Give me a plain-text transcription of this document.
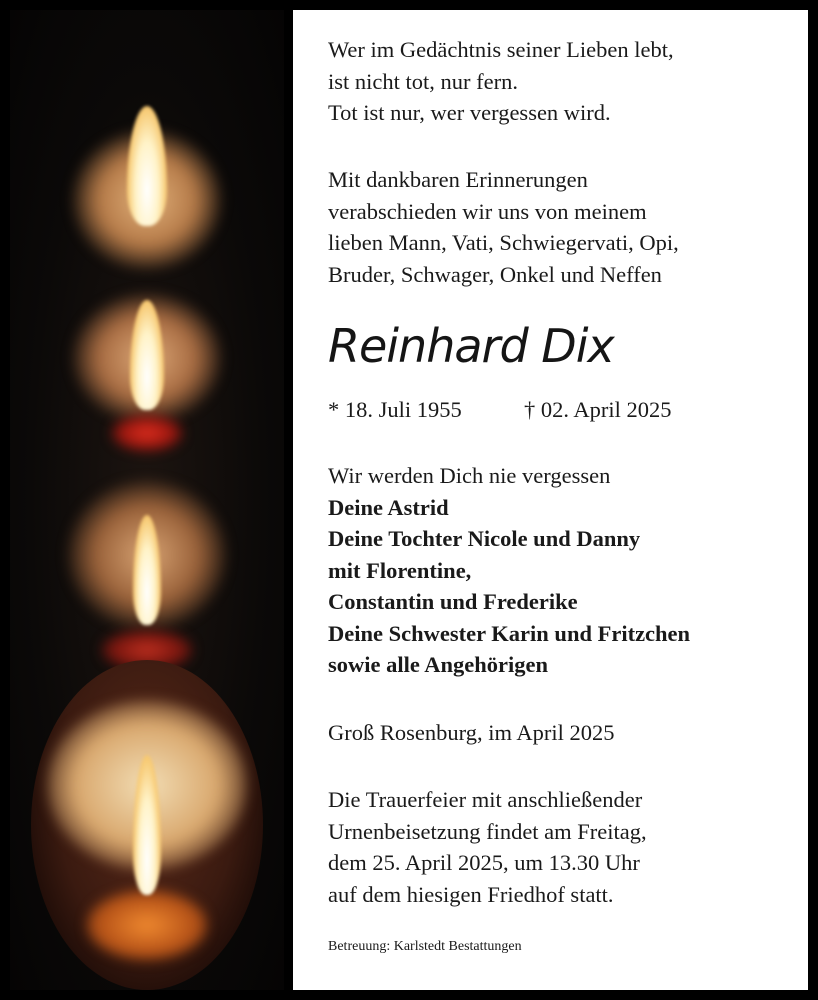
Wer im Gedächtnis seiner Lieben lebt,

ist nicht tot, nur fern.

Tot ist nur, wer vergessen wird.

Mit dankbaren Erinnerungen

verabschieden wir uns von meinem

lieben Mann, Vati, Schwiegervati, Opi,

Bruder, Schwager, Onkel und Neffen

Reinhard Dix

* 18. Juli 1955	† 02. April 2025

Wir werden Dich nie vergessen

Deine Astrid

Deine Tochter Nicole und Danny

mit Florentine,

Constantin und Frederike

Deine Schwester Karin und Fritzchen

sowie alle Angehörigen

Groß Rosenburg, im April 2025

Die Trauerfeier mit anschließender

Urnenbeisetzung findet am Freitag,

dem 25. April 2025, um 13.30 Uhr

auf dem hiesigen Friedhof statt.

Betreuung: Karlstedt Bestattungen
